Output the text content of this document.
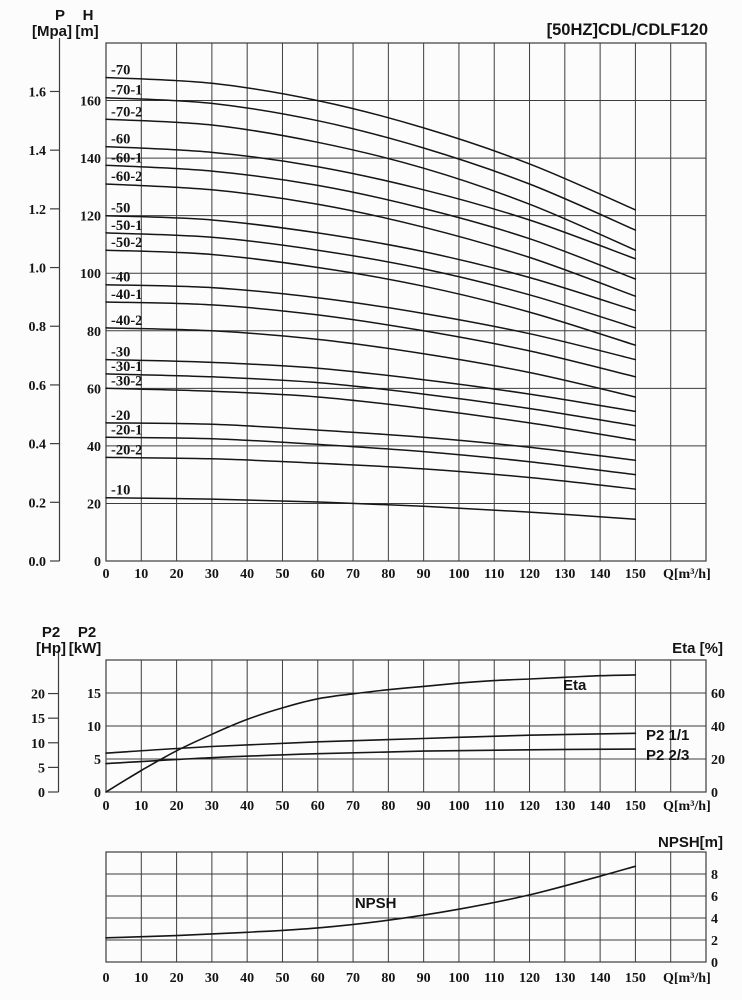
0 10 20 30 40 50 60 70 80 90 100 110 120 130 140 150 Q[m³/h]
0
20
40
60
80
100
120
140
160
0.0
0.2
0.4
0.6
0.8
1.0
1.2
1.4
1.6
-70
-70-1
-70-2
-60
-60-1
-60-2
-50
-50-1
-50-2
-40
-40-1
-40-2
-30
-30-1
-30-2
-20
-20-1
-20-2
-10
0 10 20 30 40 50 60 70 80 90 100 110 120 130 140 150 Q[m³/h]
0
5
10
15
0
5
10
15
20
0
20
40
60
Eta
P2 1/1
P2 2/3
0 10 20 30 40 50 60 70 80 90 100 110 120 130 140 150 Q[m³/h]
0
2
4
6
8
NPSH
[50HZ]CDL/CDLF120
P	H
[Mpa] [m]
P2 P2
[Hp] [kW]	Eta [%]
NPSH[m]
